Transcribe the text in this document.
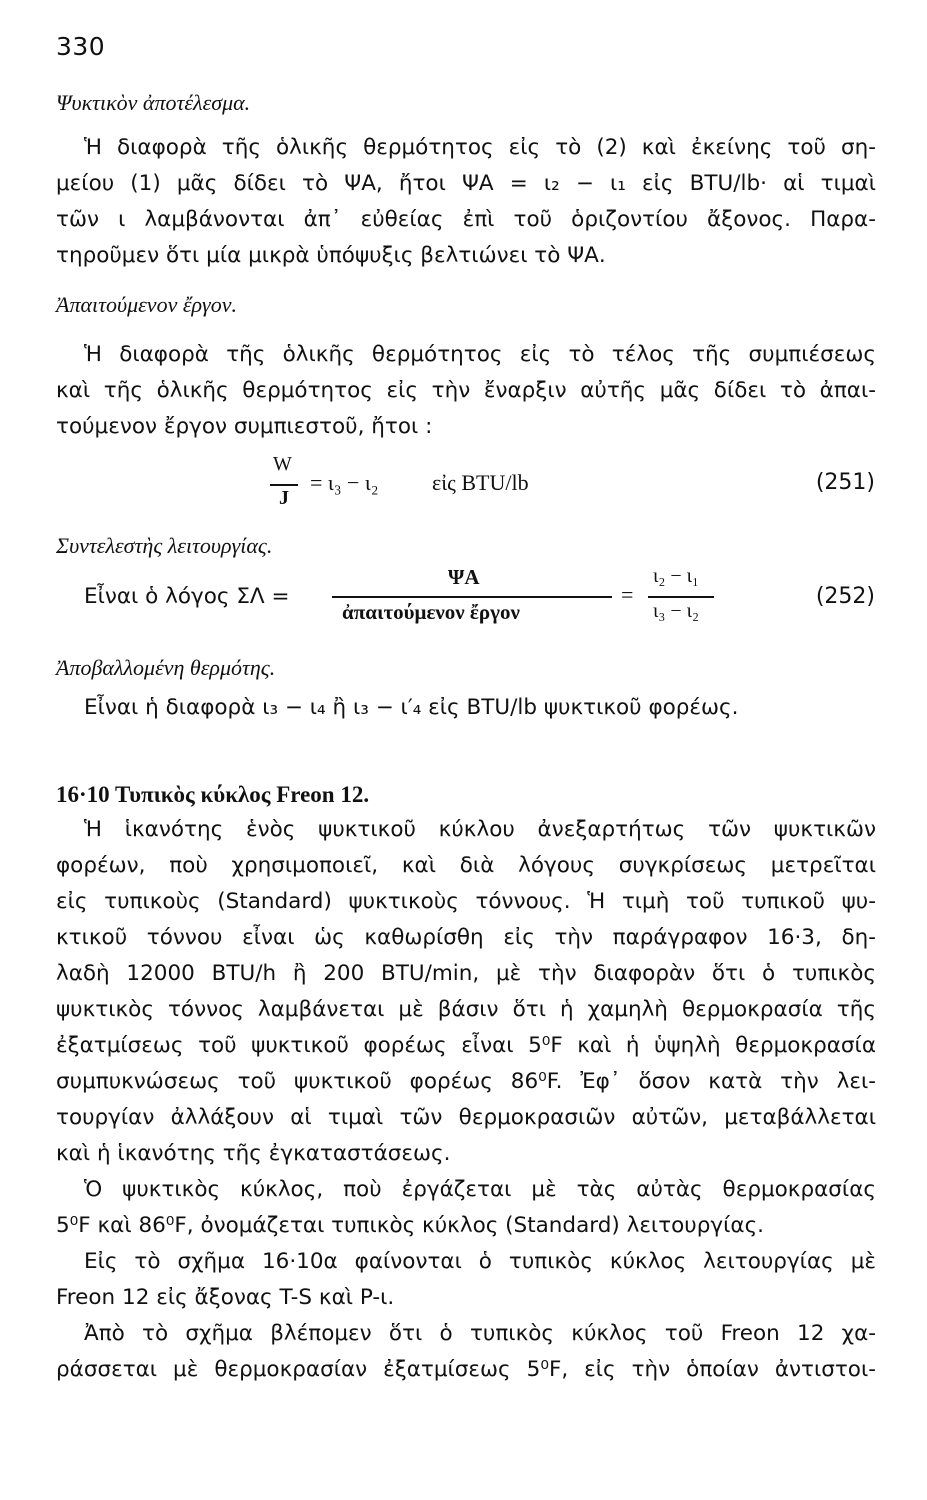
330
Ψυκτικὸν ἀποτέλεσμα.
Ἡ διαφορὰ τῆς ὁλικῆς θερμότητος εἰς τὸ (2) καὶ ἐκείνης τοῦ ση-
μείου (1) μᾶς δίδει τὸ ΨΑ, ἤτοι ΨΑ = ι₂ − ι₁ εἰς BTU/lb· αἱ τιμαὶ
τῶν ι λαμβάνονται ἀπ᾽ εὐθείας ἐπὶ τοῦ ὁριζοντίου ἄξονος. Παρα-
τηροῦμεν ὅτι μία μικρὰ ὑπόψυξις βελτιώνει τὸ ΨΑ.
Ἀπαιτούμενον ἔργον.
Ἡ διαφορὰ τῆς ὁλικῆς θερμότητος εἰς τὸ τέλος τῆς συμπιέσεως
καὶ τῆς ὁλικῆς θερμότητος εἰς τὴν ἔναρξιν αὐτῆς μᾶς δίδει τὸ ἀπαι-
τούμενον ἔργον συμπιεστοῦ, ἤτοι :
W
J
= ι₃ − ι₂ εἰς BTU/lb	(251)
Συντελεστὴς λειτουργίας.
Εἶναι ὁ λόγος ΣΛ =
ΨΑ
ἀπαιτούμενον ἔργον
=
ι₂ − ι₁
ι₃ − ι₂
(252)
Ἀποβαλλομένη θερμότης.
Εἶναι ἡ διαφορὰ ι₃ − ι₄ ἢ ι₃ − ι′₄ εἰς BTU/lb ψυκτικοῦ φορέως.
16·10 Τυπικὸς κύκλος Freon 12.
Ἡ ἱκανότης ἑνὸς ψυκτικοῦ κύκλου ἀνεξαρτήτως τῶν ψυκτικῶν
φορέων, ποὺ χρησιμοποιεῖ, καὶ διὰ λόγους συγκρίσεως μετρεῖται
εἰς τυπικοὺς (Standard) ψυκτικοὺς τόννους. Ἡ τιμὴ τοῦ τυπικοῦ ψυ-
κτικοῦ τόννου εἶναι ὡς καθωρίσθη εἰς τὴν παράγραφον 16·3, δη-
λαδὴ 12000 BTU/h ἢ 200 BTU/min, μὲ τὴν διαφορὰν ὅτι ὁ τυπικὸς
ψυκτικὸς τόννος λαμβάνεται μὲ βάσιν ὅτι ἡ χαμηλὴ θερμοκρασία τῆς
ἐξατμίσεως τοῦ ψυκτικοῦ φορέως εἶναι 5⁰F καὶ ἡ ὑψηλὴ θερμοκρασία
συμπυκνώσεως τοῦ ψυκτικοῦ φορέως 86⁰F. Ἐφ᾽ ὅσον κατὰ τὴν λει-
τουργίαν ἀλλάξουν αἱ τιμαὶ τῶν θερμοκρασιῶν αὐτῶν, μεταβάλλεται
καὶ ἡ ἱκανότης τῆς ἐγκαταστάσεως.
Ὁ ψυκτικὸς κύκλος, ποὺ ἐργάζεται μὲ τὰς αὐτὰς θερμοκρασίας
5⁰F καὶ 86⁰F, ὀνομάζεται τυπικὸς κύκλος (Standard) λειτουργίας.
Εἰς τὸ σχῆμα 16·10α φαίνονται ὁ τυπικὸς κύκλος λειτουργίας μὲ
Freon 12 εἰς ἄξονας T-S καὶ P-ι.
Ἀπὸ τὸ σχῆμα βλέπομεν ὅτι ὁ τυπικὸς κύκλος τοῦ Freon 12 χα-
ράσσεται μὲ θερμοκρασίαν ἐξατμίσεως 5⁰F, εἰς τὴν ὁποίαν ἀντιστοι-
